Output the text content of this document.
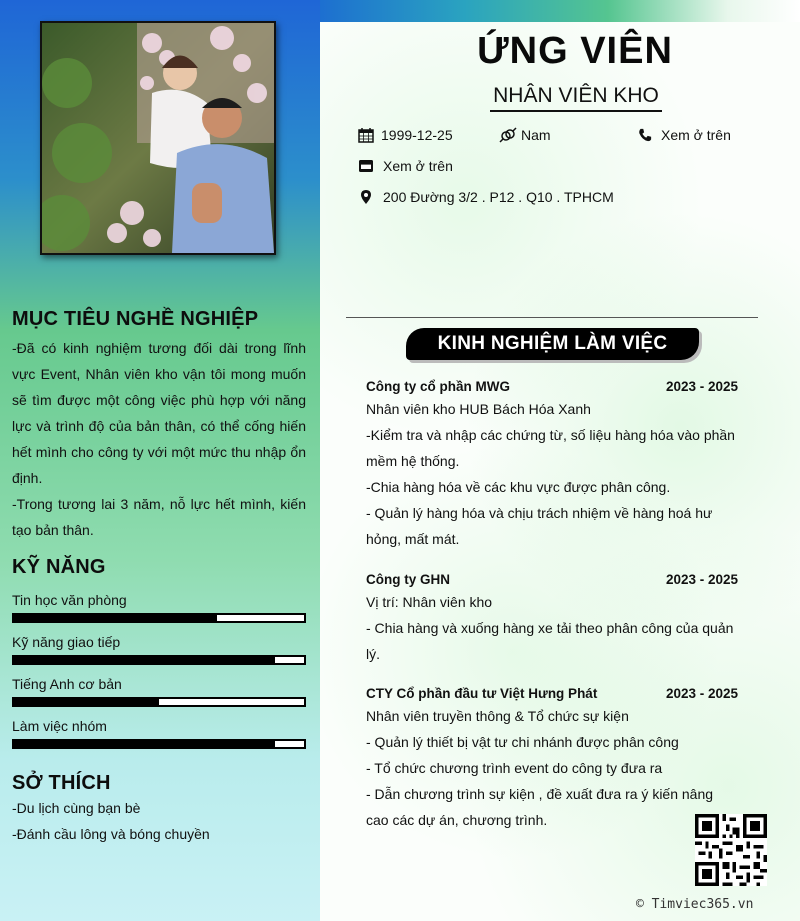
MỤC TIÊU NGHỀ NGHIỆP

-Đã có kinh nghiệm tương đối dài trong lĩnh vực Event, Nhân viên kho vận tôi mong muốn sẽ tìm được một công việc phù hợp với năng lực và trình độ của bản thân, có thể cống hiến hết mình cho công ty với một mức thu nhập ổn định.

-Trong tương lai 3 năm, nỗ lực hết mình, kiến tạo bản thân.

KỸ NĂNG
Tin học văn phòng
Kỹ năng giao tiếp
Tiếng Anh cơ bản
Làm việc nhóm
SỞ THÍCH

-Du lịch cùng bạn bè

-Đánh cầu lông và bóng chuyền

ỨNG VIÊN
NHÂN VIÊN KHO
1999-12-25	Nam	Xem ở trên
Xem ở trên
200 Đường 3/2 . P12 . Q10 . TPHCM
KINH NGHIỆM LÀM VIỆC
Công ty cổ phần MWG	2023 - 2025
Nhân viên kho HUB Bách Hóa Xanh
-Kiểm tra và nhập các chứng từ, số liệu hàng hóa vào phần mềm hệ thống.
-Chia hàng hóa về các khu vực được phân công.
- Quản lý hàng hóa và chịu trách nhiệm về hàng hoá hư hỏng, mất mát.
Công ty GHN	2023 - 2025
Vị trí: Nhân viên kho
- Chia hàng và xuống hàng xe tải theo phân công của quản lý.
CTY Cổ phần đầu tư Việt Hưng Phát	2023 - 2025
Nhân viên truyền thông & Tổ chức sự kiện
- Quản lý thiết bị vật tư chi nhánh được phân công
- Tổ chức chương trình event do công ty đưa ra
- Dẫn chương trình sự kiện , đề xuất đưa ra ý kiến nâng cao các dự án, chương trình.
© Timviec365.vn
